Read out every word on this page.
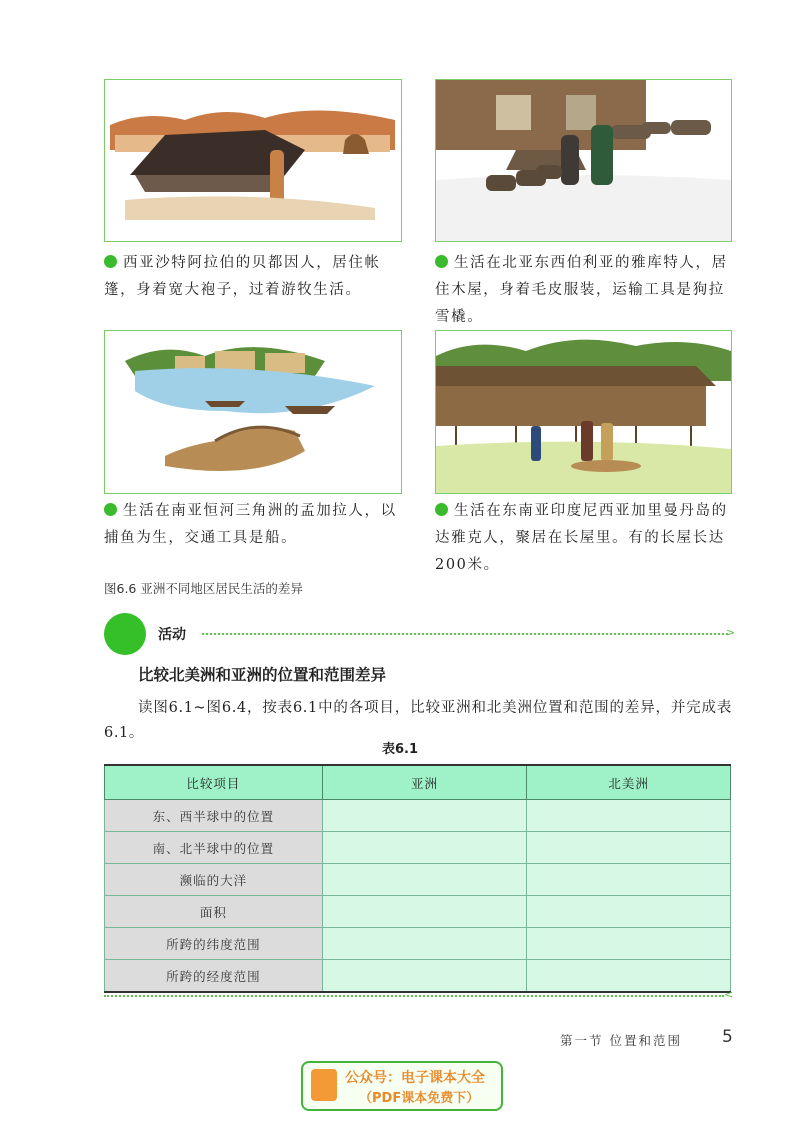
西亚沙特阿拉伯的贝都因人，居住帐篷，身着宽大袍子，过着游牧生活。
生活在北亚东西伯利亚的雅库特人，居住木屋，身着毛皮服装，运输工具是狗拉雪橇。
生活在南亚恒河三角洲的孟加拉人，以捕鱼为生，交通工具是船。
生活在东南亚印度尼西亚加里曼丹岛的达雅克人，聚居在长屋里。有的长屋长达200米。
图6.6 亚洲不同地区居民生活的差异
活动	>
比较北美洲和亚洲的位置和范围差异
读图6.1~图6.4，按表6.1中的各项目，比较亚洲和北美洲位置和范围的差异，并完成表6.1。
表6.1
比较项目	亚洲	北美洲
东、西半球中的位置		
南、北半球中的位置		
濒临的大洋		
面积		
所跨的纬度范围		
所跨的经度范围		
<
第一节 位置和范围 5
公众号：电子课本大全
（PDF课本免费下）
